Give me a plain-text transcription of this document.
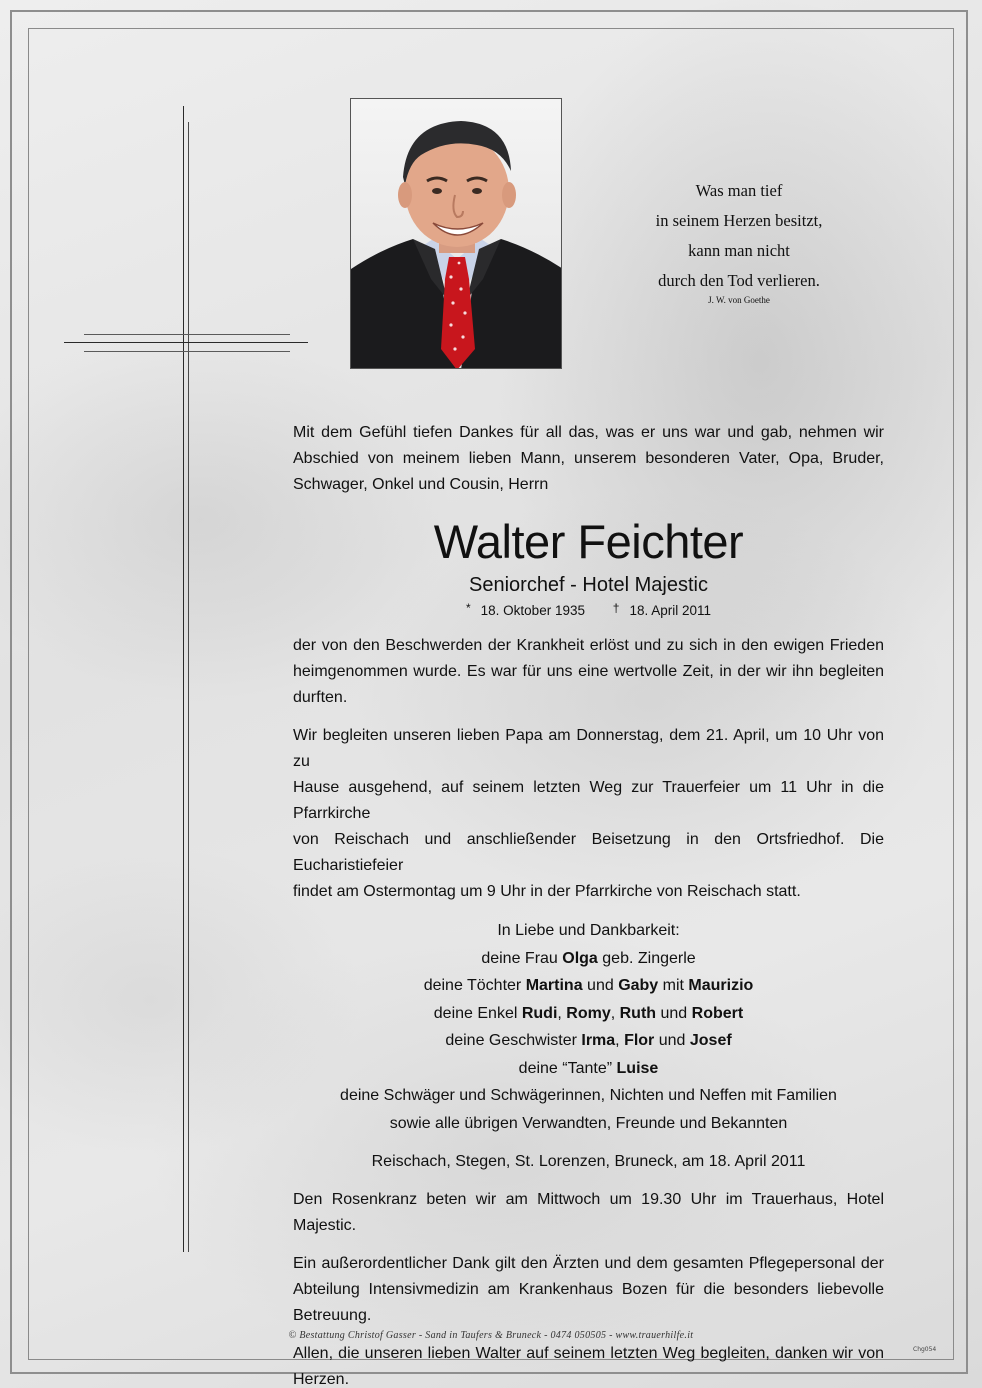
Was man tief
in seinem Herzen besitzt,
kann man nicht
durch den Tod verlieren.
J. W. von Goethe

Mit dem Gefühl tiefen Dankes für all das, was er uns war und gab, nehmen wir

Abschied von meinem lieben Mann, unserem besonderen Vater, Opa, Bruder,

Schwager, Onkel und Cousin, Herrn

Walter Feichter
Seniorchef - Hotel Majestic
* 18. Oktober 1935 † 18. April 2011

der von den Beschwerden der Krankheit erlöst und zu sich in den ewigen Frieden

heimgenommen wurde. Es war für uns eine wertvolle Zeit, in der wir ihn begleiten durften.

Wir begleiten unseren lieben Papa am Donnerstag, dem 21. April, um 10 Uhr von zu

Hause ausgehend, auf seinem letzten Weg zur Trauerfeier um 11 Uhr in die Pfarrkirche

von Reischach und anschließender Beisetzung in den Ortsfriedhof. Die Eucharistiefeier

findet am Ostermontag um 9 Uhr in der Pfarrkirche von Reischach statt.

In Liebe und Dankbarkeit:
deine Frau Olga geb. Zingerle
deine Töchter Martina und Gaby mit Maurizio
deine Enkel Rudi, Romy, Ruth und Robert
deine Geschwister Irma, Flor und Josef
deine “Tante” Luise
deine Schwäger und Schwägerinnen, Nichten und Neffen mit Familien
sowie alle übrigen Verwandten, Freunde und Bekannten
Reischach, Stegen, St. Lorenzen, Bruneck, am 18. April 2011

Den Rosenkranz beten wir am Mittwoch um 19.30 Uhr im Trauerhaus, Hotel Majestic.

Ein außerordentlicher Dank gilt den Ärzten und dem gesamten Pflegepersonal der

Abteilung Intensivmedizin am Krankenhaus Bozen für die besonders liebevolle Betreuung.

Allen, die unseren lieben Walter auf seinem letzten Weg begleiten, danken wir von

Herzen.

© Bestattung Christof Gasser - Sand in Taufers & Bruneck - 0474 050505 - www.trauerhilfe.it
Chg054
